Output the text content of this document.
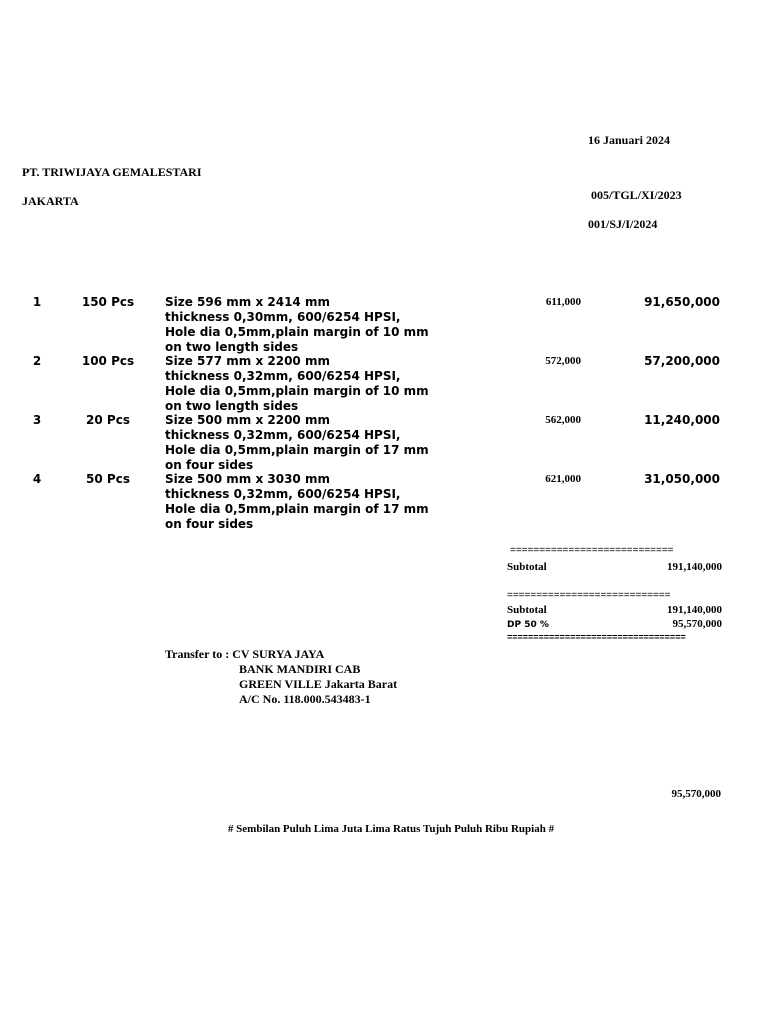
16 Januari 2024
PT. TRIWIJAYA GEMALESTARI
JAKARTA	005/TGL/XI/2023
001/SJ/I/2024
1	150 Pcs	Size 596 mm x 2414 mm
thickness 0,30mm, 600/6254 HPSI,
Hole dia 0,5mm,plain margin of 10 mm
on two length sides
611,000	91,650,000
2	100 Pcs	Size 577 mm x 2200 mm
thickness 0,32mm, 600/6254 HPSI,
Hole dia 0,5mm,plain margin of 10 mm
on two length sides
572,000	57,200,000
3	20 Pcs	Size 500 mm x 2200 mm
thickness 0,32mm, 600/6254 HPSI,
Hole dia 0,5mm,plain margin of 17 mm
on four sides
562,000	11,240,000
4	50 Pcs	Size 500 mm x 3030 mm
thickness 0,32mm, 600/6254 HPSI,
Hole dia 0,5mm,plain margin of 17 mm
on four sides
621,000	31,050,000
============================
Subtotal	191,140,000
============================
Subtotal	191,140,000
DP 50 %	95,570,000
==================================
Transfer to : CV SURYA JAYA
BANK MANDIRI CAB
GREEN VILLE Jakarta Barat
A/C No. 118.000.543483-1
95,570,000
# Sembilan Puluh Lima Juta Lima Ratus Tujuh Puluh Ribu Rupiah #
